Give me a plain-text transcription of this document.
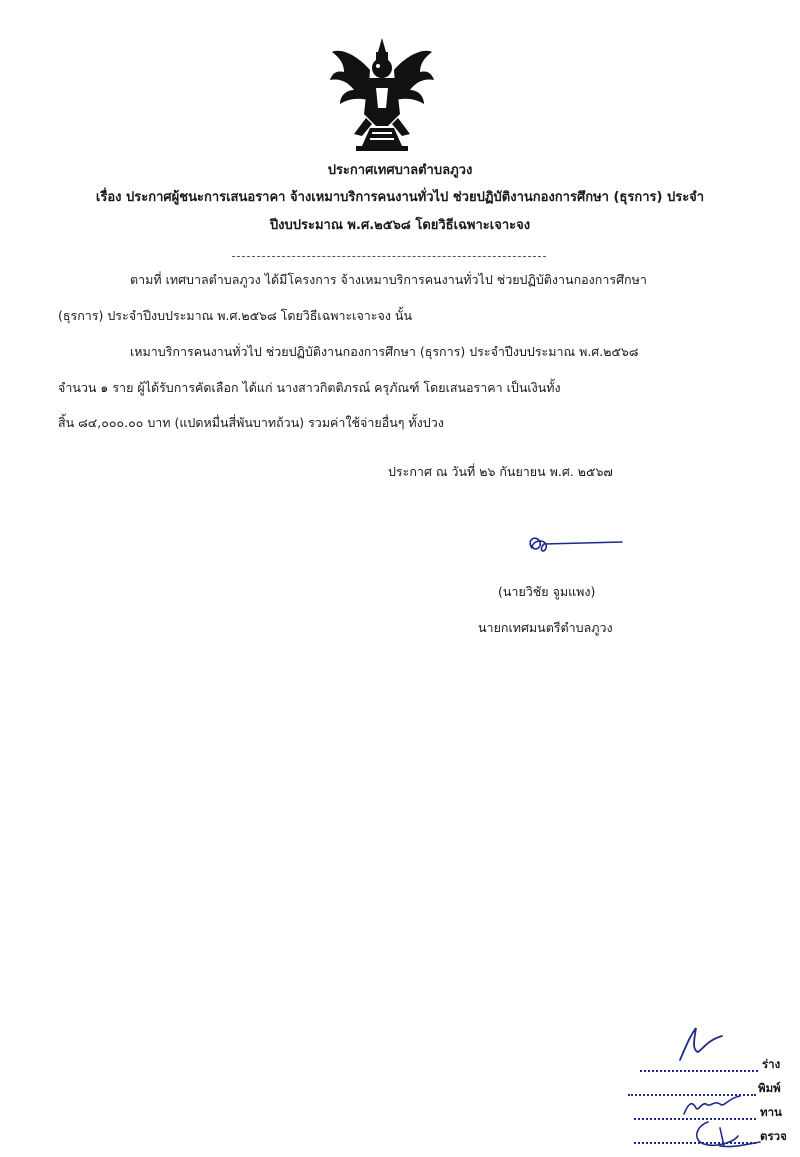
ประกาศเทศบาลตำบลภูวง
เรื่อง ประกาศผู้ชนะการเสนอราคา จ้างเหมาบริการคนงานทั่วไป ช่วยปฏิบัติงานกองการศึกษา (ธุรการ) ประจำ
ปีงบประมาณ พ.ศ.๒๕๖๘ โดยวิธีเฉพาะเจาะจง
ตามที่ เทศบาลตำบลภูวง ได้มีโครงการ จ้างเหมาบริการคนงานทั่วไป ช่วยปฏิบัติงานกองการศึกษา
(ธุรการ) ประจำปีงบประมาณ พ.ศ.๒๕๖๘ โดยวิธีเฉพาะเจาะจง นั้น
เหมาบริการคนงานทั่วไป ช่วยปฏิบัติงานกองการศึกษา (ธุรการ) ประจำปีงบประมาณ พ.ศ.๒๕๖๘
จำนวน ๑ ราย ผู้ได้รับการคัดเลือก ได้แก่ นางสาวกิตติภรณ์ ครุภัณฑ์ โดยเสนอราคา เป็นเงินทั้ง
สิ้น ๘๔,๐๐๐.๐๐ บาท (แปดหมื่นสี่พันบาทถ้วน) รวมค่าใช้จ่ายอื่นๆ ทั้งปวง
ประกาศ ณ วันที่ ๒๖ กันยายน พ.ศ. ๒๕๖๗
(นายวิชัย จูมแพง)
นายกเทศมนตรีตำบลภูวง
ร่าง
พิมพ์
ทาน
ตรวจ
